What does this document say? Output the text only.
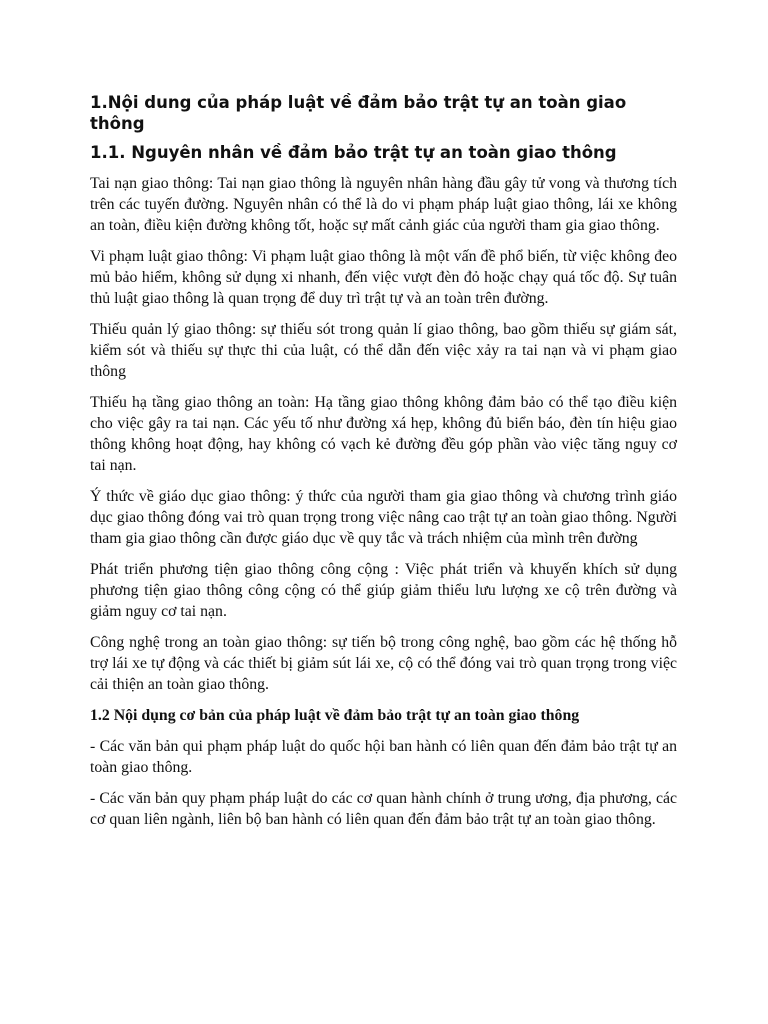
1.Nội dung của pháp luật về đảm bảo trật tự an toàn giao thông
1.1. Nguyên nhân về đảm bảo trật tự an toàn giao thông

Tai nạn giao thông: Tai nạn giao thông là nguyên nhân hàng đầu gây tử vong và thương tích trên các tuyến đường. Nguyên nhân có thể là do vi phạm pháp luật giao thông, lái xe không an toàn, điều kiện đường không tốt, hoặc sự mất cảnh giác của người tham gia giao thông.

Vi phạm luật giao thông: Vi phạm luật giao thông là một vấn đề phổ biến, từ việc không đeo mủ bảo hiểm, không sử dụng xi nhanh, đến việc vượt đèn đỏ hoặc chạy quá tốc độ. Sự tuân thủ luật giao thông là quan trọng để duy trì trật tự và an toàn trên đường.

Thiếu quản lý giao thông: sự thiếu sót trong quản lí giao thông, bao gồm thiếu sự giám sát, kiểm sót và thiếu sự thực thi của luật, có thể dẫn đến việc xảy ra tai nạn và vi phạm giao thông

Thiếu hạ tầng giao thông an toàn: Hạ tầng giao thông không đảm bảo có thể tạo điều kiện cho việc gây ra tai nạn. Các yếu tố như đường xá hẹp, không đủ biển báo, đèn tín hiệu giao thông không hoạt động, hay không có vạch kẻ đường đều góp phần vào việc tăng nguy cơ tai nạn.

Ý thức về giáo dục giao thông: ý thức của người tham gia giao thông và chương trình giáo dục giao thông đóng vai trò quan trọng trong việc nâng cao trật tự an toàn giao thông. Người tham gia giao thông cần được giáo dục về quy tắc và trách nhiệm của mình trên đường

Phát triển phương tiện giao thông công cộng : Việc phát triển và khuyến khích sử dụng phương tiện giao thông công cộng có thể giúp giảm thiểu lưu lượng xe cộ trên đường và giảm nguy cơ tai nạn.

Công nghệ trong an toàn giao thông: sự tiến bộ trong công nghệ, bao gồm các hệ thống hỗ trợ lái xe tự động và các thiết bị giảm sút lái xe, cộ có thể đóng vai trò quan trọng trong việc cải thiện an toàn giao thông.

1.2 Nội dụng cơ bản của pháp luật về đảm bảo trật tự an toàn giao thông

- Các văn bản qui phạm pháp luật do quốc hội ban hành có liên quan đến đảm bảo trật tự an toàn giao thông.

- Các văn bản quy phạm pháp luật do các cơ quan hành chính ở trung ương, địa phương, các cơ quan liên ngành, liên bộ ban hành có liên quan đến đảm bảo trật tự an toàn giao thông.
